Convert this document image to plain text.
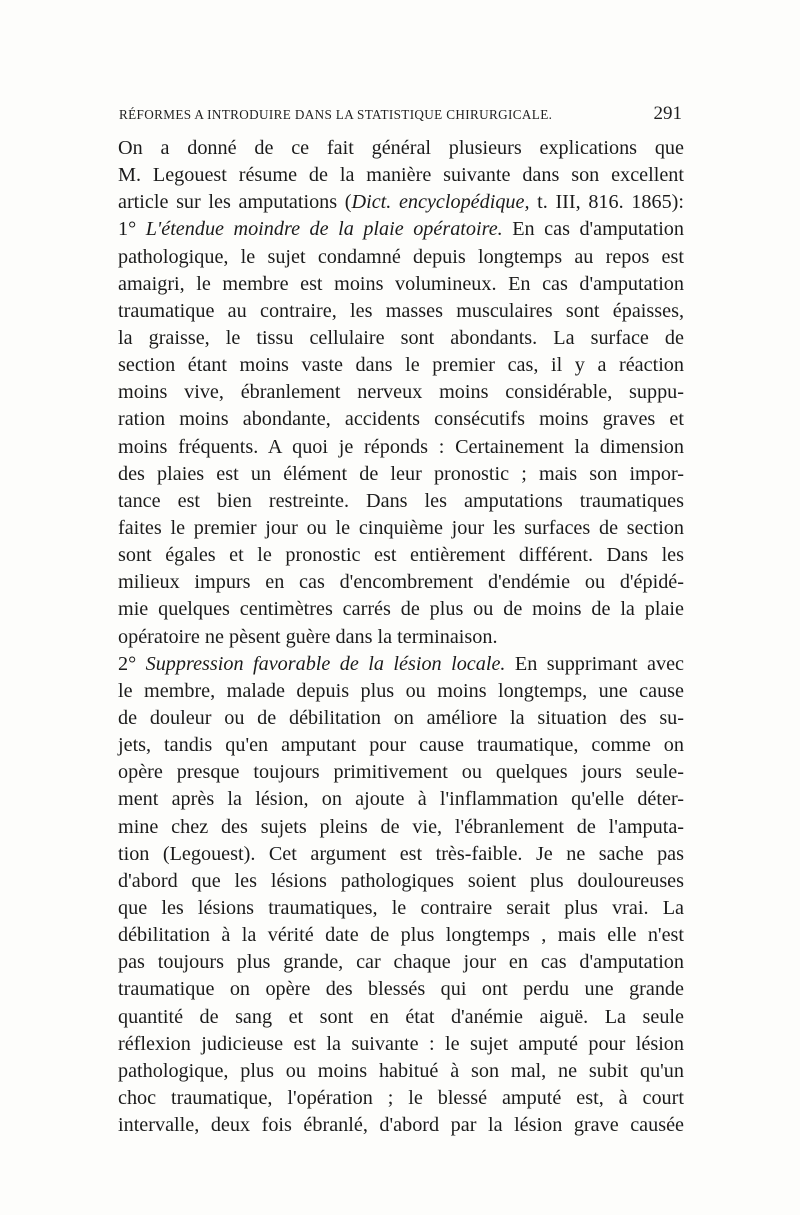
RÉFORMES A INTRODUIRE DANS LA STATISTIQUE CHIRURGICALE.	291
On a donné de ce fait général plusieurs explications que
M. Legouest résume de la manière suivante dans son excellent
article sur les amputations (Dict. encyclopédique, t. III, 816. 1865):
1° L'étendue moindre de la plaie opératoire. En cas d'amputation
pathologique, le sujet condamné depuis longtemps au repos est
amaigri, le membre est moins volumineux. En cas d'amputation
traumatique au contraire, les masses musculaires sont épaisses,
la graisse, le tissu cellulaire sont abondants. La surface de
section étant moins vaste dans le premier cas, il y a réaction
moins vive, ébranlement nerveux moins considérable, suppu-
ration moins abondante, accidents consécutifs moins graves et
moins fréquents. A quoi je réponds : Certainement la dimension
des plaies est un élément de leur pronostic ; mais son impor-
tance est bien restreinte. Dans les amputations traumatiques
faites le premier jour ou le cinquième jour les surfaces de section
sont égales et le pronostic est entièrement différent. Dans les
milieux impurs en cas d'encombrement d'endémie ou d'épidé-
mie quelques centimètres carrés de plus ou de moins de la plaie
opératoire ne pèsent guère dans la terminaison.
2° Suppression favorable de la lésion locale. En supprimant avec
le membre, malade depuis plus ou moins longtemps, une cause
de douleur ou de débilitation on améliore la situation des su-
jets, tandis qu'en amputant pour cause traumatique, comme on
opère presque toujours primitivement ou quelques jours seule-
ment après la lésion, on ajoute à l'inflammation qu'elle déter-
mine chez des sujets pleins de vie, l'ébranlement de l'amputa-
tion (Legouest). Cet argument est très-faible. Je ne sache pas
d'abord que les lésions pathologiques soient plus douloureuses
que les lésions traumatiques, le contraire serait plus vrai. La
débilitation à la vérité date de plus longtemps , mais elle n'est
pas toujours plus grande, car chaque jour en cas d'amputation
traumatique on opère des blessés qui ont perdu une grande
quantité de sang et sont en état d'anémie aiguë. La seule
réflexion judicieuse est la suivante : le sujet amputé pour lésion
pathologique, plus ou moins habitué à son mal, ne subit qu'un
choc traumatique, l'opération ; le blessé amputé est, à court
intervalle, deux fois ébranlé, d'abord par la lésion grave causée
